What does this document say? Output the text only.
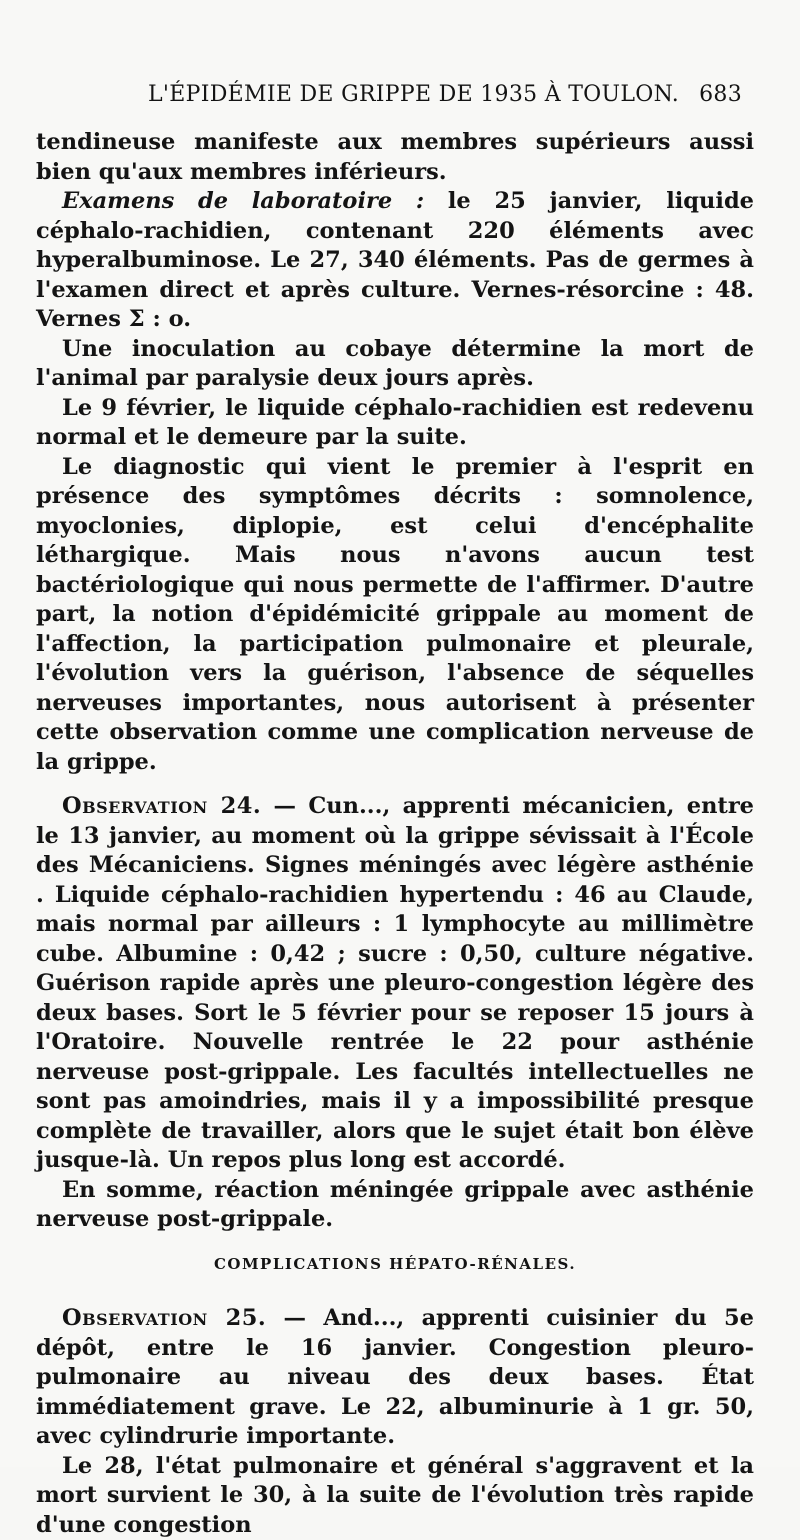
L'ÉPIDÉMIE DE GRIPPE DE 1935 À TOULON. 683

tendineuse manifeste aux membres supérieurs aussi bien qu'aux membres inférieurs.

Examens de laboratoire : le 25 janvier, liquide céphalo-rachidien, contenant 220 éléments avec hyperalbuminose. Le 27, 340 éléments. Pas de germes à l'examen direct et après culture. Vernes-résorcine : 48. Vernes Σ : o.

Une inoculation au cobaye détermine la mort de l'animal par paralysie deux jours après.

Le 9 février, le liquide céphalo-rachidien est redevenu normal et le demeure par la suite.

Le diagnostic qui vient le premier à l'esprit en présence des symptômes décrits : somnolence, myoclonies, diplopie, est celui d'encéphalite léthargique. Mais nous n'avons aucun test bactériologique qui nous permette de l'affirmer. D'autre part, la notion d'épidémicité grippale au moment de l'affection, la participation pulmonaire et pleurale, l'évolution vers la guérison, l'absence de séquelles nerveuses importantes, nous autorisent à présenter cette observation comme une complication nerveuse de la grippe.

Observation 24. — Cun..., apprenti mécanicien, entre le 13 janvier, au moment où la grippe sévissait à l'École des Mécaniciens. Signes méningés avec légère asthénie . Liquide céphalo-rachidien hypertendu : 46 au Claude, mais normal par ailleurs : 1 lymphocyte au millimètre cube. Albumine : 0,42 ; sucre : 0,50, culture négative. Guérison rapide après une pleuro-congestion légère des deux bases. Sort le 5 février pour se reposer 15 jours à l'Oratoire. Nouvelle rentrée le 22 pour asthénie nerveuse post-grippale. Les facultés intellectuelles ne sont pas amoindries, mais il y a impossibilité presque complète de travailler, alors que le sujet était bon élève jusque-là. Un repos plus long est accordé.

En somme, réaction méningée grippale avec asthénie nerveuse post-grippale.

COMPLICATIONS HÉPATO-RÉNALES.

Observation 25. — And..., apprenti cuisinier du 5e dépôt, entre le 16 janvier. Congestion pleuro-pulmonaire au niveau des deux bases. État immédiatement grave. Le 22, albuminurie à 1 gr. 50, avec cylindrurie importante.

Le 28, l'état pulmonaire et général s'aggravent et la mort survient le 30, à la suite de l'évolution très rapide d'une congestion
